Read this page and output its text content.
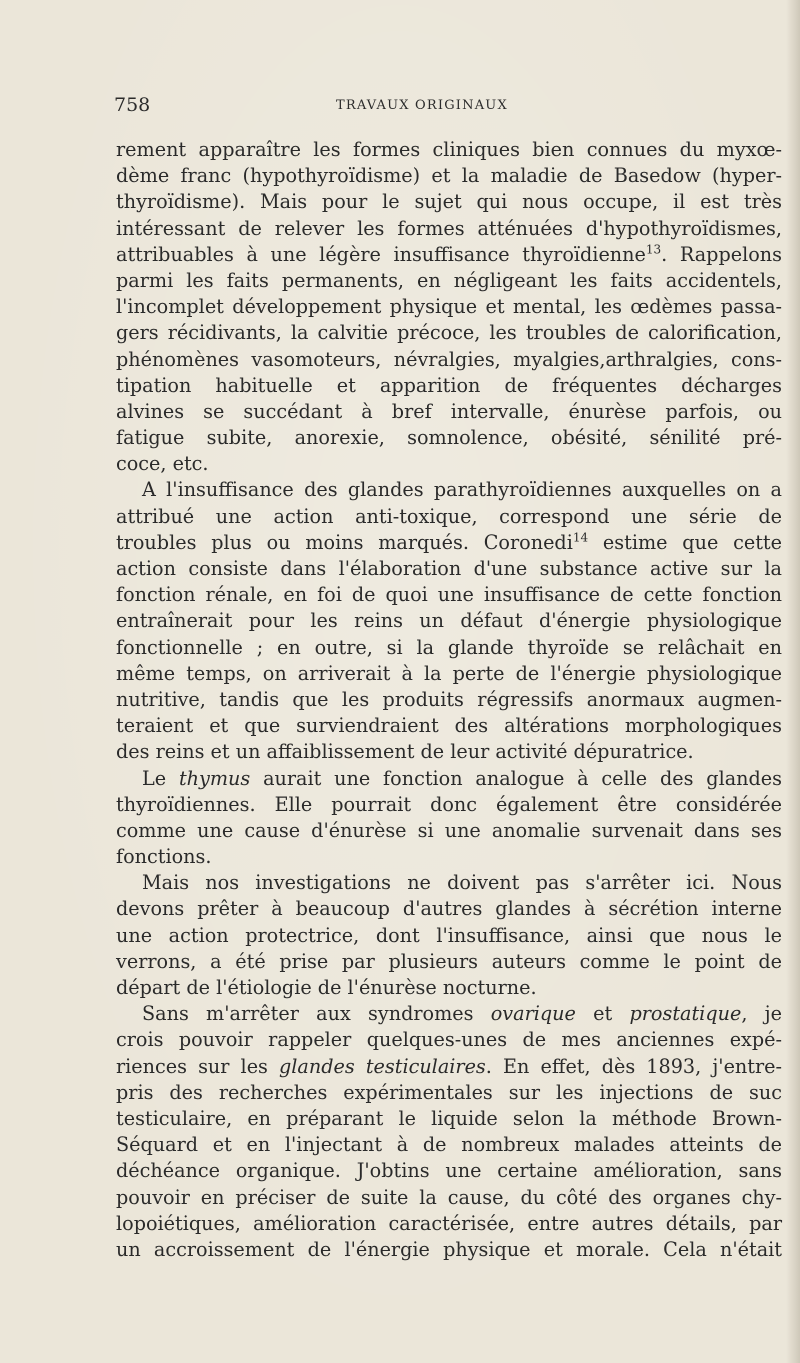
758	TRAVAUX ORIGINAUX
rement apparaître les formes cliniques bien connues du myxœ-
dème franc (hypothyroïdisme) et la maladie de Basedow (hyper-
thyroïdisme). Mais pour le sujet qui nous occupe, il est très
intéressant de relever les formes atténuées d'hypothyroïdismes,
attribuables à une légère insuffisance thyroïdienne$^{13}$. Rappelons
parmi les faits permanents, en négligeant les faits accidentels,
l'incomplet développement physique et mental, les œdèmes passa-
gers récidivants, la calvitie précoce, les troubles de calorification,
phénomènes vasomoteurs, névralgies, myalgies,arthralgies, cons-
tipation habituelle et apparition de fréquentes décharges
alvines se succédant à bref intervalle, énurèse parfois, ou
fatigue subite, anorexie, somnolence, obésité, sénilité pré-
coce, etc.
A l'insuffisance des glandes parathyroïdiennes auxquelles on a
attribué une action anti-toxique, correspond une série de
troubles plus ou moins marqués. Coronedi$^{14}$ estime que cette
action consiste dans l'élaboration d'une substance active sur la
fonction rénale, en foi de quoi une insuffisance de cette fonction
entraînerait pour les reins un défaut d'énergie physiologique
fonctionnelle ; en outre, si la glande thyroïde se relâchait en
même temps, on arriverait à la perte de l'énergie physiologique
nutritive, tandis que les produits régressifs anormaux augmen-
teraient et que surviendraient des altérations morphologiques
des reins et un affaiblissement de leur activité dépuratrice.
Le thymus aurait une fonction analogue à celle des glandes
thyroïdiennes. Elle pourrait donc également être considérée
comme une cause d'énurèse si une anomalie survenait dans ses
fonctions.
Mais nos investigations ne doivent pas s'arrêter ici. Nous
devons prêter à beaucoup d'autres glandes à sécrétion interne
une action protectrice, dont l'insuffisance, ainsi que nous le
verrons, a été prise par plusieurs auteurs comme le point de
départ de l'étiologie de l'énurèse nocturne.
Sans m'arrêter aux syndromes ovarique et prostatique, je
crois pouvoir rappeler quelques-unes de mes anciennes expé-
riences sur les glandes testiculaires. En effet, dès 1893, j'entre-
pris des recherches expérimentales sur les injections de suc
testiculaire, en préparant le liquide selon la méthode Brown-
Séquard et en l'injectant à de nombreux malades atteints de
déchéance organique. J'obtins une certaine amélioration, sans
pouvoir en préciser de suite la cause, du côté des organes chy-
lopoiétiques, amélioration caractérisée, entre autres détails, par
un accroissement de l'énergie physique et morale. Cela n'était
